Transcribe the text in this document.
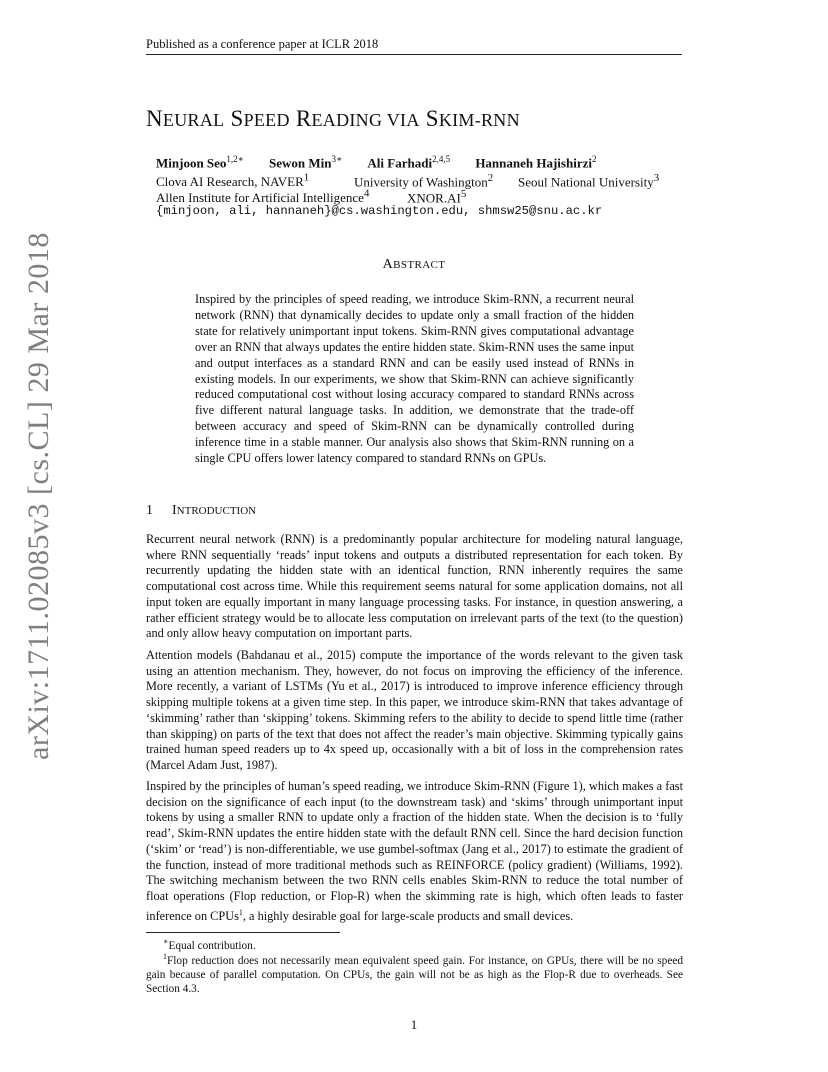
Published as a conference paper at ICLR 2018
NEURAL SPEED READING VIA SKIM-RNN
Minjoon Seo$^{1,2∗}$ Sewon Min$^{3∗}$ Ali Farhadi$^{2,4,5}$ Hannaneh Hajishirzi$^2$
Clova AI Research, NAVER$^1$	University of Washington$^2$ Seoul National University$^3$
Allen Institute for Artificial Intelligence$^4$	$XNOR.AI^5$
{minjoon, ali, hannaneh}@cs.washington.edu, shmsw25@snu.ac.kr
ABSTRACT
Inspired by the principles of speed reading, we introduce Skim-RNN, a recurrent neural network (RNN) that dynamically decides to update only a small fraction of the hidden state for relatively unimportant input tokens. Skim-RNN gives computational advantage over an RNN that always updates the entire hidden state. Skim-RNN uses the same input and output interfaces as a standard RNN and can be easily used instead of RNNs in existing models. In our experiments, we show that Skim-RNN can achieve significantly reduced computational cost without losing accuracy compared to standard RNNs across five different natural language tasks. In addition, we demonstrate that the trade-off between accuracy and speed of Skim-RNN can be dynamically controlled during inference time in a stable manner. Our analysis also shows that Skim-RNN running on a single CPU offers lower latency compared to standard RNNs on GPUs.
1 INTRODUCTION
Recurrent neural network (RNN) is a predominantly popular architecture for modeling natural language, where RNN sequentially ‘reads’ input tokens and outputs a distributed representation for each token. By recurrently updating the hidden state with an identical function, RNN inherently requires the same computational cost across time. While this requirement seems natural for some application domains, not all input token are equally important in many language processing tasks. For instance, in question answering, a rather efficient strategy would be to allocate less computation on irrelevant parts of the text (to the question) and only allow heavy computation on important parts.
Attention models (Bahdanau et al., 2015) compute the importance of the words relevant to the given task using an attention mechanism. They, however, do not focus on improving the efficiency of the inference. More recently, a variant of LSTMs (Yu et al., 2017) is introduced to improve inference efficiency through skipping multiple tokens at a given time step. In this paper, we introduce skim-RNN that takes advantage of ‘skimming’ rather than ‘skipping’ tokens. Skimming refers to the ability to decide to spend little time (rather than skipping) on parts of the text that does not affect the reader’s main objective. Skimming typically gains trained human speed readers up to 4x speed up, occasionally with a bit of loss in the comprehension rates (Marcel Adam Just, 1987).
Inspired by the principles of human’s speed reading, we introduce Skim-RNN (Figure 1), which makes a fast decision on the significance of each input (to the downstream task) and ‘skims’ through unimportant input tokens by using a smaller RNN to update only a fraction of the hidden state. When the decision is to ‘fully read’, Skim-RNN updates the entire hidden state with the default RNN cell. Since the hard decision function (‘skim’ or ‘read’) is non-differentiable, we use gumbel-softmax (Jang et al., 2017) to estimate the gradient of the function, instead of more traditional methods such as REINFORCE (policy gradient) (Williams, 1992). The switching mechanism between the two RNN cells enables Skim-RNN to reduce the total number of float operations (Flop reduction, or Flop-R) when the skimming rate is high, which often leads to faster inference on CPUs$^1$, a highly desirable goal for large-scale products and small devices.
∗Equal contribution.
$^1$Flop reduction does not necessarily mean equivalent speed gain. For instance, on GPUs, there will be no speed gain because of parallel computation. On CPUs, the gain will not be as high as the Flop-R due to overheads. See Section 4.3.
1
arXiv:1711.02085v3 [cs.CL] 29 Mar 2018
